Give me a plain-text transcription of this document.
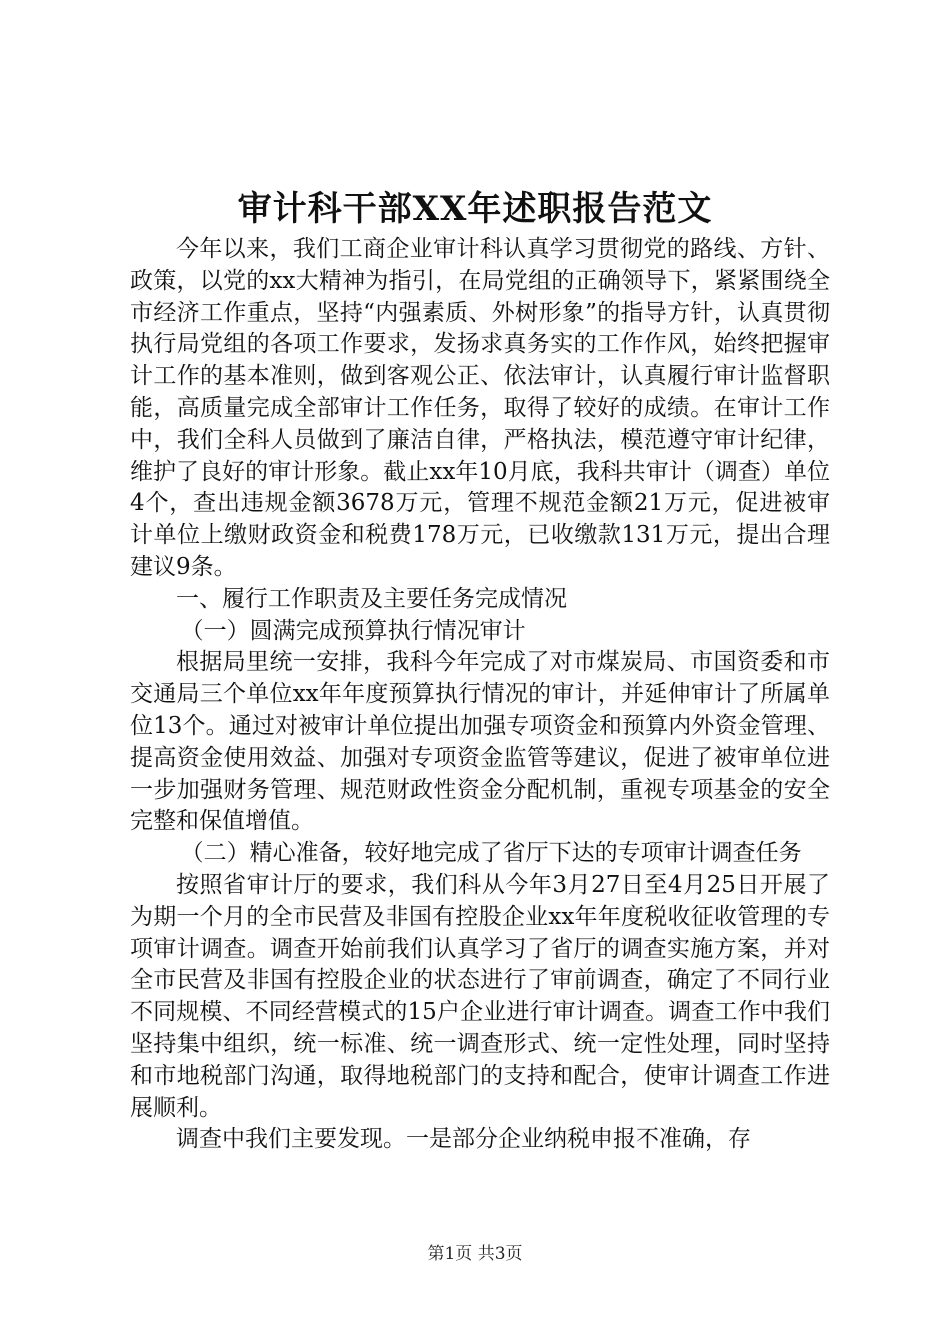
审计科干部XX年述职报告范文

今年以来，我们工商企业审计科认真学习贯彻党的路线、方针、政策，以党的xx大精神为指引，在局党组的正确领导下，紧紧围绕全市经济工作重点，坚持“内强素质、外树形象”的指导方针，认真贯彻执行局党组的各项工作要求，发扬求真务实的工作作风，始终把握审计工作的基本准则，做到客观公正、依法审计，认真履行审计监督职能，高质量完成全部审计工作任务，取得了较好的成绩。在审计工作中，我们全科人员做到了廉洁自律，严格执法，模范遵守审计纪律，维护了良好的审计形象。截止xx年10月底，我科共审计（调查）单位4个，查出违规金额3678万元，管理不规范金额21万元，促进被审计单位上缴财政资金和税费178万元，已收缴款131万元，提出合理建议9条。

一、履行工作职责及主要任务完成情况

（一）圆满完成预算执行情况审计

根据局里统一安排，我科今年完成了对市煤炭局、市国资委和市交通局三个单位xx年年度预算执行情况的审计，并延伸审计了所属单位13个。通过对被审计单位提出加强专项资金和预算内外资金管理、提高资金使用效益、加强对专项资金监管等建议，促进了被审单位进一步加强财务管理、规范财政性资金分配机制，重视专项基金的安全完整和保值增值。

（二）精心准备，较好地完成了省厅下达的专项审计调查任务

按照省审计厅的要求，我们科从今年3月27日至4月25日开展了为期一个月的全市民营及非国有控股企业xx年年度税收征收管理的专项审计调查。调查开始前我们认真学习了省厅的调查实施方案，并对全市民营及非国有控股企业的状态进行了审前调查，确定了不同行业不同规模、不同经营模式的15户企业进行审计调查。调查工作中我们坚持集中组织，统一标准、统一调查形式、统一定性处理，同时坚持和市地税部门沟通，取得地税部门的支持和配合，使审计调查工作进展顺利。

调查中我们主要发现。一是部分企业纳税申报不准确，存

第1页 共3页
